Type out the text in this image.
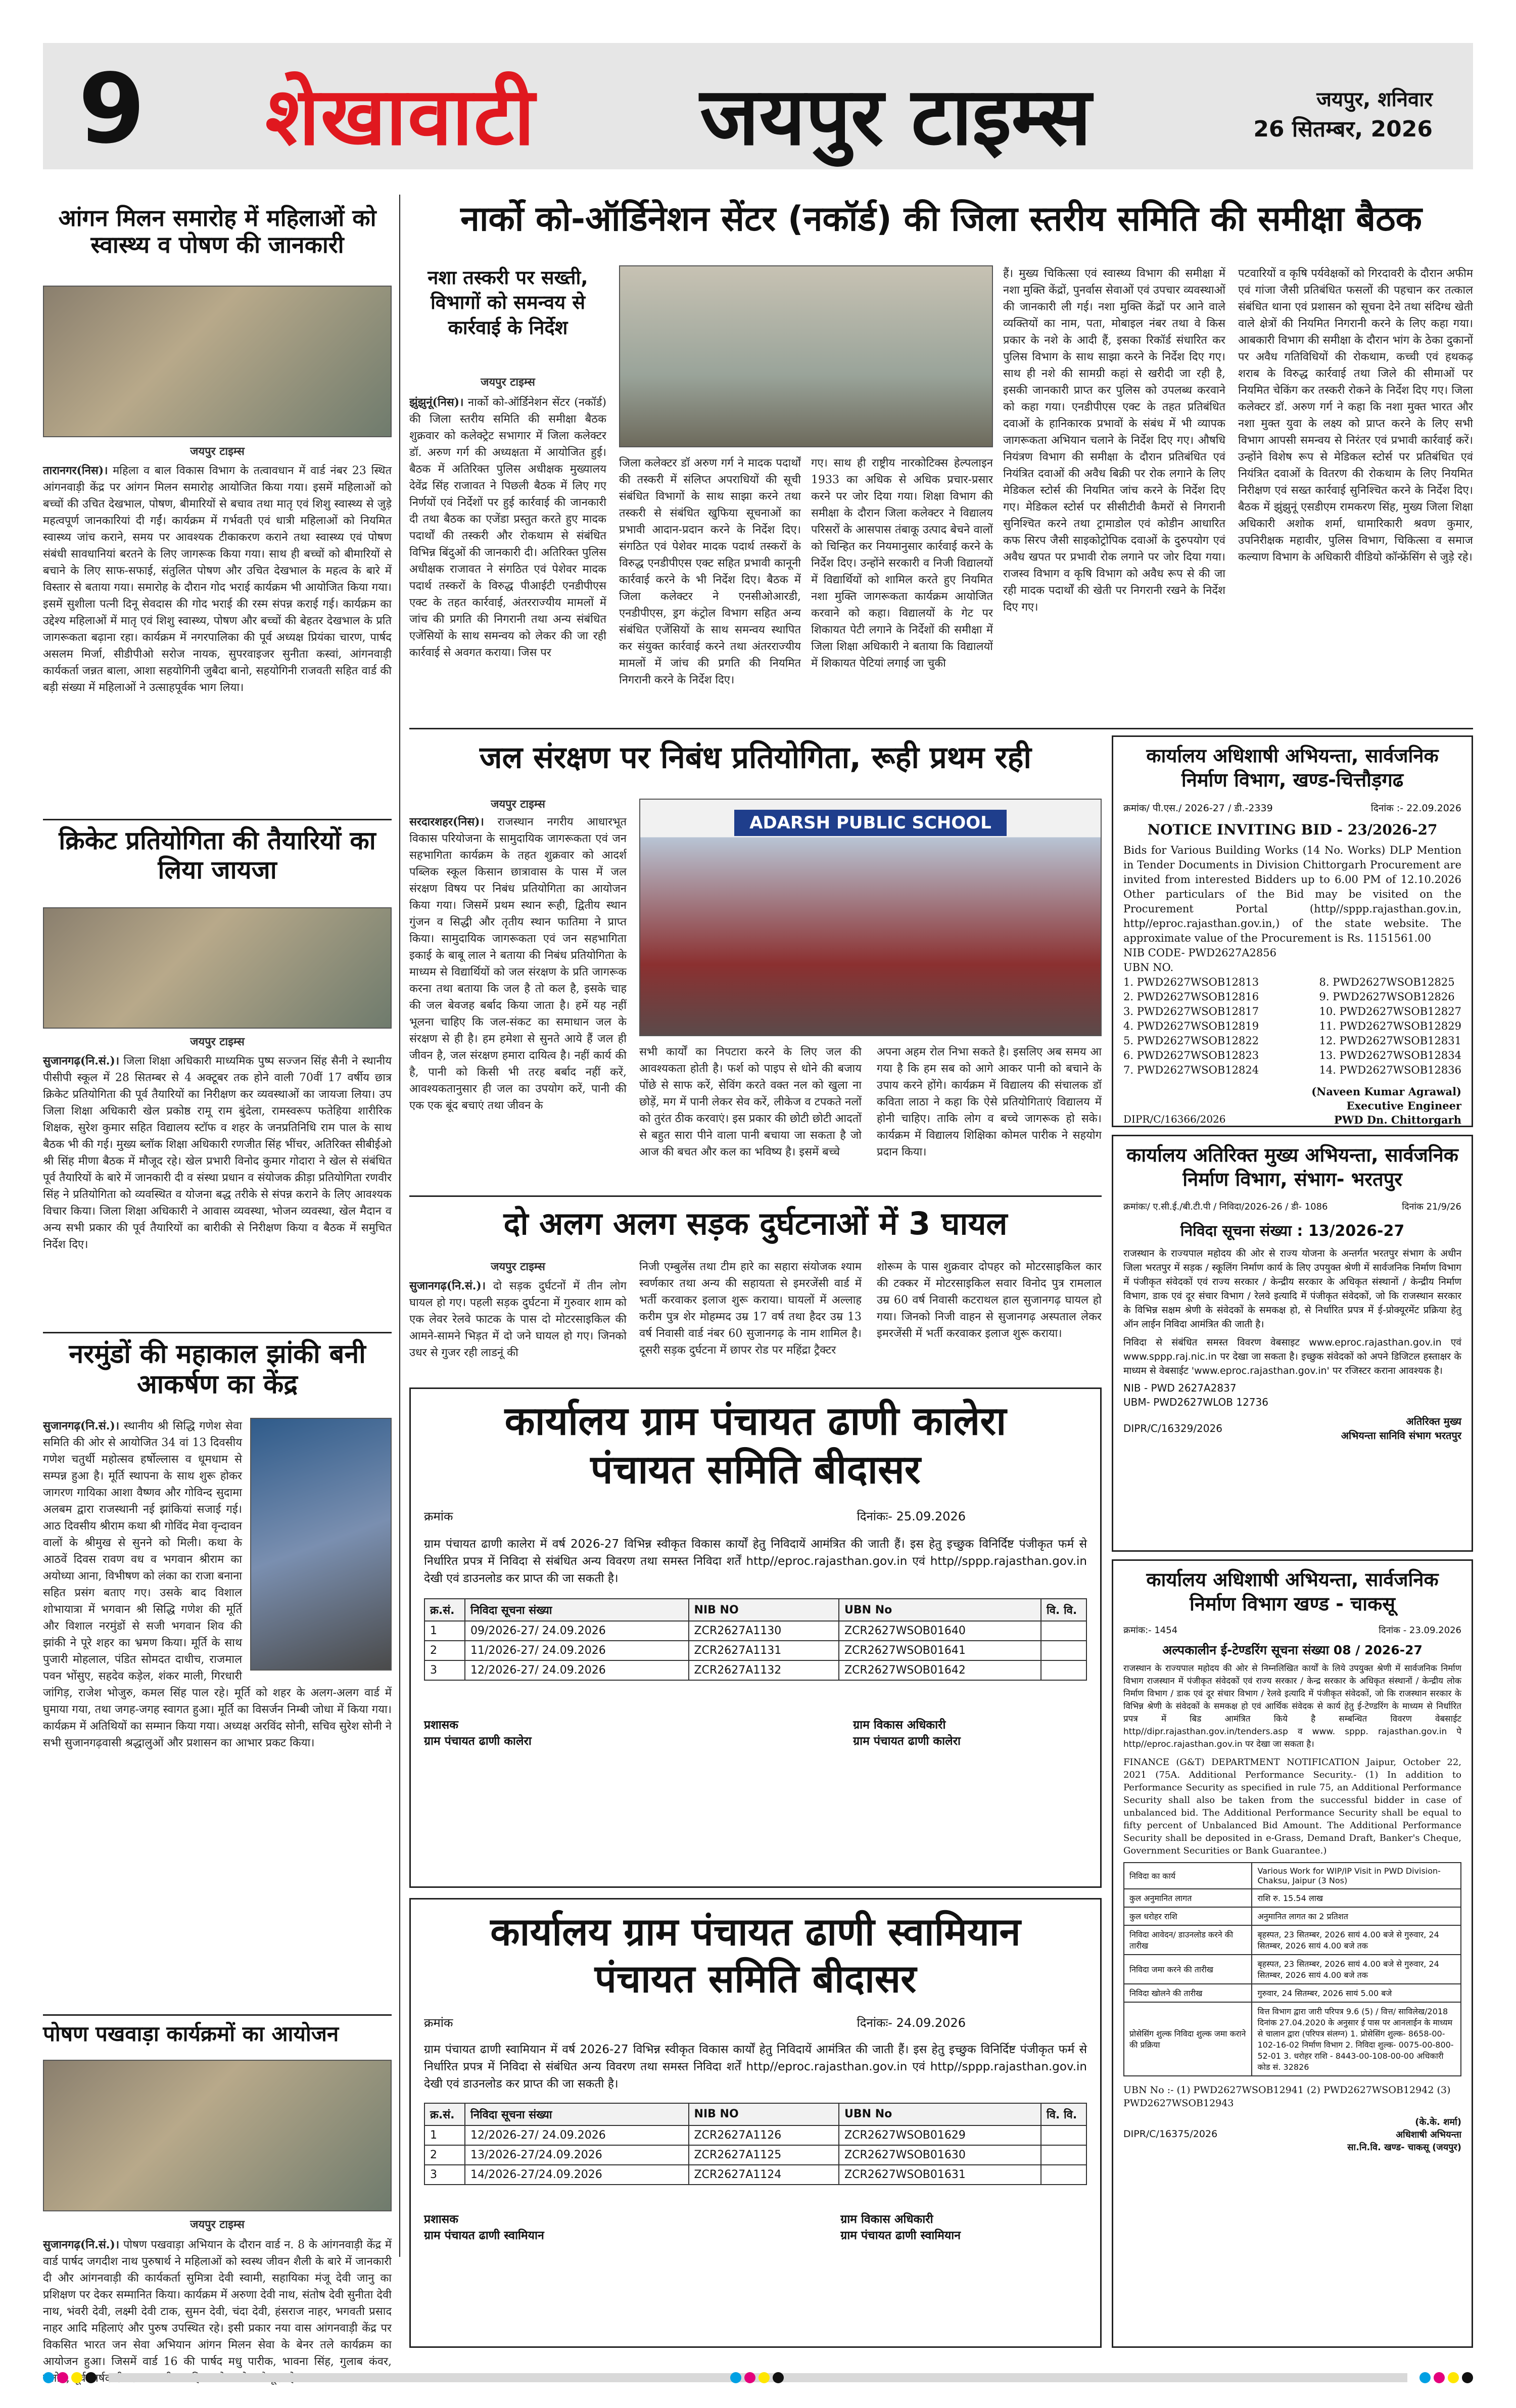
9 शेखावाटी जयपुर टाइम्स	जयपुर, शनिवार
26 सितम्बर, 2026
आंगन मिलन समारोह में महिलाओं को स्वास्थ्य व पोषण की जानकारी
जयपुर टाइम्स
तारानगर(निस)। महिला व बाल विकास विभाग के तत्वावधान में वार्ड नंबर 23 स्थित आंगनवाड़ी केंद्र पर आंगन मिलन समारोह आयोजित किया गया। इसमें महिलाओं को बच्चों की उचित देखभाल, पोषण, बीमारियों से बचाव तथा मातृ एवं शिशु स्वास्थ्य से जुड़े महत्वपूर्ण जानकारियां दी गईं। कार्यक्रम में गर्भवती एवं धात्री महिलाओं को नियमित स्वास्थ्य जांच कराने, समय पर आवश्यक टीकाकरण कराने तथा स्वास्थ्य एवं पोषण संबंधी सावधानियां बरतने के लिए जागरूक किया गया। साथ ही बच्चों को बीमारियों से बचाने के लिए साफ-सफाई, संतुलित पोषण और उचित देखभाल के महत्व के बारे में विस्तार से बताया गया। समारोह के दौरान गोद भराई कार्यक्रम भी आयोजित किया गया। इसमें सुशीला पत्नी दिनू सेवदास की गोद भराई की रस्म संपन्न कराई गई। कार्यक्रम का उद्देश्य महिलाओं में मातृ एवं शिशु स्वास्थ्य, पोषण और बच्चों की बेहतर देखभाल के प्रति जागरूकता बढ़ाना रहा। कार्यक्रम में नगरपालिका की पूर्व अध्यक्ष प्रियंका चारण, पार्षद असलम मिर्जा, सीडीपीओ सरोज नायक, सुपरवाइजर सुनीता कस्वां, आंगनवाड़ी कार्यकर्ता जन्नत बाला, आशा सहयोगिनी जुबैदा बानो, सहयोगिनी राजवती सहित वार्ड की बड़ी संख्या में महिलाओं ने उत्साहपूर्वक भाग लिया।
क्रिकेट प्रतियोगिता की तैयारियों का लिया जायजा
जयपुर टाइम्स
सुजानगढ़(नि.सं.)। जिला शिक्षा अधिकारी माध्यमिक पुष्प सज्जन सिंह सैनी ने स्थानीय पीसीपी स्कूल में 28 सितम्बर से 4 अक्टूबर तक होने वाली 70वीं 17 वर्षीय छात्र क्रिकेट प्रतियोगिता की पूर्व तैयारियों का निरीक्षण कर व्यवस्थाओं का जायजा लिया। उप जिला शिक्षा अधिकारी खेल प्रकोष्ठ रामू राम बुंदेला, रामस्वरूप फतेहिया शारीरिक शिक्षक, सुरेश कुमार सहित विद्यालय स्टॉफ व शहर के जनप्रतिनिधि राम पाल के साथ बैठक भी की गई। मुख्य ब्लॉक शिक्षा अधिकारी रणजीत सिंह भींचर, अतिरिक्त सीबीईओ श्री सिंह मीणा बैठक में मौजूद रहे। खेल प्रभारी विनोद कुमार गोदारा ने खेल से संबंधित पूर्व तैयारियों के बारे में जानकारी दी व संस्था प्रधान व संयोजक क्रीड़ा प्रतियोगिता रणवीर सिंह ने प्रतियोगिता को व्यवस्थित व योजना बद्ध तरीके से संपन्न कराने के लिए आवश्यक विचार किया। जिला शिक्षा अधिकारी ने आवास व्यवस्था, भोजन व्यवस्था, खेल मैदान व अन्य सभी प्रकार की पूर्व तैयारियों का बारीकी से निरीक्षण किया व बैठक में समुचित निर्देश दिए।
नरमुंडों की महाकाल झांकी बनी आकर्षण का केंद्र
सुजानगढ़(नि.सं.)। स्थानीय श्री सिद्धि गणेश सेवा समिति की ओर से आयोजित 34 वां 13 दिवसीय गणेश चतुर्थी महोत्सव हर्षोल्लास व धूमधाम से सम्पन्न हुआ है। मूर्ति स्थापना के साथ शुरू होकर जागरण गायिका आशा वैष्णव और गोविन्द सुदामा अलबम द्वारा राजस्थानी नई झांकियां सजाई गई। आठ दिवसीय श्रीराम कथा श्री गोविंद मेवा वृन्दावन वालों के श्रीमुख से सुनने को मिली। कथा के आठवें दिवस रावण वध व भगवान श्रीराम का अयोध्या आना, विभीषण को लंका का राजा बनाना सहित प्रसंग बताए गए। उसके बाद विशाल शोभायात्रा में भगवान श्री सिद्धि गणेश की मूर्ति और विशाल नरमुंडों से सजी भगवान शिव की झांकी ने पूरे शहर का भ्रमण किया। मूर्ति के साथ पुजारी मोहलाल, पंडित सोमदत दाधीच, राजमाल पवन भोंसुए, सहदेव कड़ेल, शंकर माली, गिरधारी जांगिड़, राजेश भोजुरु, कमल सिंह पाल रहे। मूर्ति को शहर के अलग-अलग वार्ड में घुमाया गया, तथा जगह-जगह स्वागत हुआ। मूर्ति का विसर्जन निम्बी जोधा में किया गया। कार्यक्रम में अतिथियों का सम्मान किया गया। अध्यक्ष अरविंद सोनी, सचिव सुरेश सोनी ने सभी सुजानगढ़वासी श्रद्धालुओं और प्रशासन का आभार प्रकट किया।
पोषण पखवाड़ा कार्यक्रमों का आयोजन
जयपुर टाइम्स
सुजानगढ़(नि.सं.)। पोषण पखवाड़ा अभियान के दौरान वार्ड न. 8 के आंगनवाड़ी केंद्र में वार्ड पार्षद जगदीश नाथ पुरुषार्थ ने महिलाओं को स्वस्थ जीवन शैली के बारे में जानकारी दी और आंगनवाड़ी की कार्यकर्ता सुमित्रा देवी स्वामी, सहायिका मंजू देवी जानु का प्रशिक्षण पर देकर सम्मानित किया। कार्यक्रम में अरुणा देवी नाथ, संतोष देवी सुनीता देवी नाथ, भंवरी देवी, लक्ष्मी देवी टाक, सुमन देवी, चंदा देवी, हंसराज नाहर, भगवती प्रसाद नाहर आदि महिलाएं और पुरुष उपस्थित रहे। इसी प्रकार नया वास आंगनवाड़ी केंद्र पर विकसित भारत जन सेवा अभियान आंगन मिलन सेवा के बेनर तले कार्यक्रम का आयोजन हुआ। जिसमें वार्ड 16 की पार्षद मधु पारीक, भावना सिंह, गुलाब कंवर, संतोष, पार्षद
नार्को को-ऑर्डिनेशन सेंटर (नकॉर्ड) की जिला स्तरीय समिति की समीक्षा बैठक
नशा तस्करी पर सख्ती, विभागों को समन्वय से कार्रवाई के निर्देश
जयपुर टाइम्स
झुंझुनूं(निस)। नार्को को-ऑर्डिनेशन सेंटर (नकॉर्ड) की जिला स्तरीय समिति की समीक्षा बैठक शुक्रवार को कलेक्ट्रेट सभागार में जिला कलेक्टर डॉ. अरुण गर्ग की अध्यक्षता में आयोजित हुई। बैठक में अतिरिक्त पुलिस अधीक्षक मुख्यालय देवेंद्र सिंह राजावत ने पिछली बैठक में लिए गए निर्णयों एवं निर्देशों पर हुई कार्रवाई की जानकारी दी तथा बैठक का एजेंडा प्रस्तुत करते हुए मादक पदार्थों की तस्करी और रोकथाम से संबंधित विभिन्न बिंदुओं की जानकारी दी। अतिरिक्त पुलिस अधीक्षक राजावत ने संगठित एवं पेशेवर मादक पदार्थ तस्करों के विरुद्ध पीआईटी एनडीपीएस एक्ट के तहत कार्रवाई, अंतरराज्यीय मामलों में जांच की प्रगति की निगरानी तथा अन्य संबंधित एजेंसियों के साथ समन्वय को लेकर की जा रही कार्रवाई से अवगत कराया। जिस पर
जिला कलेक्टर डॉ अरुण गर्ग ने मादक पदार्थों की तस्करी में संलिप्त अपराधियों की सूची संबंधित विभागों के साथ साझा करने तथा तस्करी से संबंधित खुफिया सूचनाओं का प्रभावी आदान-प्रदान करने के निर्देश दिए। संगठित एवं पेशेवर मादक पदार्थ तस्करों के विरुद्ध एनडीपीएस एक्ट सहित प्रभावी कानूनी कार्रवाई करने के भी निर्देश दिए। बैठक में जिला कलेक्टर ने एनसीओआरडी, एनडीपीएस, ड्रग कंट्रोल विभाग सहित अन्य संबंधित एजेंसियों के साथ समन्वय स्थापित कर संयुक्त कार्रवाई करने तथा अंतरराज्यीय मामलों में जांच की प्रगति की नियमित निगरानी करने के निर्देश दिए।
गए। साथ ही राष्ट्रीय नारकोटिक्स हेल्पलाइन 1933 का अधिक से अधिक प्रचार-प्रसार करने पर जोर दिया गया। शिक्षा विभाग की समीक्षा के दौरान जिला कलेक्टर ने विद्यालय परिसरों के आसपास तंबाकू उत्पाद बेचने वालों को चिन्हित कर नियमानुसार कार्रवाई करने के निर्देश दिए। उन्होंने सरकारी व निजी विद्यालयों में विद्यार्थियों को शामिल करते हुए नियमित नशा मुक्ति जागरूकता कार्यक्रम आयोजित करवाने को कहा। विद्यालयों के गेट पर शिकायत पेटी लगाने के निर्देशों की समीक्षा में जिला शिक्षा अधिकारी ने बताया कि विद्यालयों में शिकायत पेटियां लगाई जा चुकी
हैं। मुख्य चिकित्सा एवं स्वास्थ्य विभाग की समीक्षा में नशा मुक्ति केंद्रों, पुनर्वास सेवाओं एवं उपचार व्यवस्थाओं की जानकारी ली गई। नशा मुक्ति केंद्रों पर आने वाले व्यक्तियों का नाम, पता, मोबाइल नंबर तथा वे किस प्रकार के नशे के आदी हैं, इसका रिकॉर्ड संधारित कर पुलिस विभाग के साथ साझा करने के निर्देश दिए गए। साथ ही नशे की सामग्री कहां से खरीदी जा रही है, इसकी जानकारी प्राप्त कर पुलिस को उपलब्ध करवाने को कहा गया। एनडीपीएस एक्ट के तहत प्रतिबंधित दवाओं के हानिकारक प्रभावों के संबंध में भी व्यापक जागरूकता अभियान चलाने के निर्देश दिए गए। औषधि नियंत्रण विभाग की समीक्षा के दौरान प्रतिबंधित एवं नियंत्रित दवाओं की अवैध बिक्री पर रोक लगाने के लिए मेडिकल स्टोर्स की नियमित जांच करने के निर्देश दिए गए। मेडिकल स्टोर्स पर सीसीटीवी कैमरों से निगरानी सुनिश्चित करने तथा ट्रामाडोल एवं कोडीन आधारित कफ सिरप जैसी साइकोट्रोपिक दवाओं के दुरुपयोग एवं अवैध खपत पर प्रभावी रोक लगाने पर जोर दिया गया। राजस्व विभाग व कृषि विभाग को अवैध रूप से की जा रही मादक पदार्थों की खेती पर निगरानी रखने के निर्देश दिए गए।
पटवारियों व कृषि पर्यवेक्षकों को गिरदावरी के दौरान अफीम एवं गांजा जैसी प्रतिबंधित फसलों की पहचान कर तत्काल संबंधित थाना एवं प्रशासन को सूचना देने तथा संदिग्ध खेती वाले क्षेत्रों की नियमित निगरानी करने के लिए कहा गया। आबकारी विभाग की समीक्षा के दौरान भांग के ठेका दुकानों पर अवैध गतिविधियों की रोकथाम, कच्ची एवं हथकढ़ शराब के विरुद्ध कार्रवाई तथा जिले की सीमाओं पर नियमित चेकिंग कर तस्करी रोकने के निर्देश दिए गए। जिला कलेक्टर डॉ. अरुण गर्ग ने कहा कि नशा मुक्त भारत और नशा मुक्त युवा के लक्ष्य को प्राप्त करने के लिए सभी विभाग आपसी समन्वय से निरंतर एवं प्रभावी कार्रवाई करें। उन्होंने विशेष रूप से मेडिकल स्टोर्स पर प्रतिबंधित एवं नियंत्रित दवाओं के वितरण की रोकथाम के लिए नियमित निरीक्षण एवं सख्त कार्रवाई सुनिश्चित करने के निर्देश दिए। बैठक में झुंझुनूं एसडीएम रामकरण सिंह, मुख्य जिला शिक्षा अधिकारी अशोक शर्मा, धामारिकारी श्रवण कुमार, उपनिरीक्षक महावीर, पुलिस विभाग, चिकित्सा व समाज कल्याण विभाग के अधिकारी वीडियो कॉन्फ्रेंसिंग से जुड़े रहे।
जल संरक्षण पर निबंध प्रतियोगिता, रूही प्रथम रही
जयपुर टाइम्स
सरदारशहर(निस)। राजस्थान नगरीय आधारभूत विकास परियोजना के सामुदायिक जागरूकता एवं जन सहभागिता कार्यक्रम के तहत शुक्रवार को आदर्श पब्लिक स्कूल किसान छात्रावास के पास में जल संरक्षण विषय पर निबंध प्रतियोगिता का आयोजन किया गया। जिसमें प्रथम स्थान रूही, द्वितीय स्थान गुंजन व सिद्धी और तृतीय स्थान फातिमा ने प्राप्त किया। सामुदायिक जागरूकता एवं जन सहभागिता इकाई के बाबू लाल ने बताया की निबंध प्रतियोगिता के माध्यम से विद्यार्थियों को जल संरक्षण के प्रति जागरूक करना तथा बताया कि जल है तो कल है, इसके चाह की जल बेवजह बर्बाद किया जाता है। हमें यह नहीं भूलना चाहिए कि जल-संकट का समाधान जल के संरक्षण से ही है। हम हमेशा से सुनते आये हैं जल ही जीवन है, जल संरक्षण हमारा दायित्व है। नहीं कार्य की है, पानी को किसी भी तरह बर्बाद नहीं करें, आवश्यकतानुसार ही जल का उपयोग करें, पानी की एक एक बूंद बचाएं तथा जीवन के
ADARSH PUBLIC SCHOOL
सभी कार्यों का निपटारा करने के लिए जल की आवश्यकता होती है। फर्श को पाइप से धोने की बजाय पोंछे से साफ करें, सेविंग करते वक्त नल को खुला ना छोड़ें, मग में पानी लेकर सेव करें, लीकेज व टपकते नलों को तुरंत ठीक करवाएं। इस प्रकार की छोटी छोटी आदतों से बहुत सारा पीने वाला पानी बचाया जा सकता है जो आज की बचत और कल का भविष्य है। इसमें बच्चे
अपना अहम रोल निभा सकते है। इसलिए अब समय आ गया है कि हम सब को आगे आकर पानी को बचाने के उपाय करने होंगे। कार्यक्रम में विद्यालय की संचालक डॉ कविता लाठा ने कहा कि ऐसे प्रतियोगिताएं विद्यालय में होनी चाहिए। ताकि लोग व बच्चे जागरूक हो सके। कार्यक्रम में विद्यालय शिक्षिका कोमल पारीक ने सहयोग प्रदान किया।
दो अलग अलग सड़क दुर्घटनाओं में 3 घायल
जयपुर टाइम्स
सुजानगढ़(नि.सं.)। दो सड़क दुर्घटनों में तीन लोग घायल हो गए। पहली सड़क दुर्घटना में गुरुवार शाम को एक लेवर रेलवे फाटक के पास दो मोटरसाइकिल की आमने-सामने भिड़त में दो जने घायल हो गए। जिनको उधर से गुजर रही लाडनूं की
निजी एम्बुलेंस तथा टीम हारे का सहारा संयोजक श्याम स्वर्णकार तथा अन्य की सहायता से इमरजेंसी वार्ड में भर्ती करवाकर इलाज शुरू कराया। घायलों में अल्लाह करीम पुत्र शेर मोहम्मद उम्र 17 वर्ष तथा हैदर उम्र 13 वर्ष निवासी वार्ड नंबर 60 सुजानगढ़ के नाम शामिल है। दूसरी सड़क दुर्घटना में छापर रोड पर महिंद्रा ट्रैक्टर
शोरूम के पास शुक्रवार दोपहर को मोटरसाइकिल कार की टक्कर में मोटरसाइकिल सवार विनोद पुत्र रामलाल उम्र 60 वर्ष निवासी कटराथल हाल सुजानगढ़ घायल हो गया। जिनको निजी वाहन से सुजानगढ़ अस्पताल लेकर इमरजेंसी में भर्ती करवाकर इलाज शुरू कराया।
कार्यालय ग्राम पंचायत ढाणी कालेरा
पंचायत समिति बीदासर
क्रमांक	दिनांकः- 25.09.2026
ग्राम पंचायत ढाणी कालेरा में वर्ष 2026-27 विभिन्न स्वीकृत विकास कार्यों हेतु निविदायें आमंत्रित की जाती हैं। इस हेतु इच्छुक विनिर्दिष्ट पंजीकृत फर्म से निर्धारित प्रपत्र में निविदा से संबंधित अन्य विवरण तथा समस्त निविदा शर्तें http//eproc.rajasthan.gov.in एवं http//sppp.rajasthan.gov.in देखी एवं डाउनलोड कर प्राप्त की जा सकती है।
क्र.सं.	निविदा सूचना संख्या	NIB NO	UBN No	वि. वि.
1	09/2026-27/ 24.09.2026	ZCR2627A1130	ZCR2627WSOB01640	
2	11/2026-27/ 24.09.2026	ZCR2627A1131	ZCR2627WSOB01641	
3	12/2026-27/ 24.09.2026	ZCR2627A1132	ZCR2627WSOB01642	
प्रशासक
ग्राम पंचायत ढाणी कालेरा
ग्राम विकास अधिकारी
ग्राम पंचायत ढाणी कालेरा
कार्यालय ग्राम पंचायत ढाणी स्वामियान
पंचायत समिति बीदासर
क्रमांक	दिनांकः- 24.09.2026
ग्राम पंचायत ढाणी स्वामियान में वर्ष 2026-27 विभिन्न स्वीकृत विकास कार्यों हेतु निविदायें आमंत्रित की जाती हैं। इस हेतु इच्छुक विनिर्दिष्ट पंजीकृत फर्म से निर्धारित प्रपत्र में निविदा से संबंधित अन्य विवरण तथा समस्त निविदा शर्तें http//eproc.rajasthan.gov.in एवं http//sppp.rajasthan.gov.in देखी एवं डाउनलोड कर प्राप्त की जा सकती है।
क्र.सं.	निविदा सूचना संख्या	NIB NO	UBN No	वि. वि.
1	12/2026-27/ 24.09.2026	ZCR2627A1126	ZCR2627WSOB01629	
2	13/2026-27/24.09.2026	ZCR2627A1125	ZCR2627WSOB01630	
3	14/2026-27/24.09.2026	ZCR2627A1124	ZCR2627WSOB01631	
प्रशासक
ग्राम पंचायत ढाणी स्वामियान
ग्राम विकास अधिकारी
ग्राम पंचायत ढाणी स्वामियान
कार्यालय अधिशाषी अभियन्ता, सार्वजनिक निर्माण विभाग, खण्ड-चित्तौड़गढ
क्रमांक/ पी.एस./ 2026-27 / डी.-2339	दिनांक :- 22.09.2026
NOTICE INVITING BID - 23/2026-27
Bids for Various Building Works (14 No. Works) DLP Mention in Tender Documents in Division Chittorgarh Procurement are invited from interested Bidders up to 6.00 PM of 12.10.2026 Other particulars of the Bid may be visited on the Procurement Portal (http//sppp.rajasthan.gov.in, http//eproc.rajasthan.gov.in,) of the state website. The approximate value of the Procurement is Rs. 1151561.00
NIB CODE- PWD2627A2856
UBN NO.
1. PWD2627WSOB12813
2. PWD2627WSOB12816
3. PWD2627WSOB12817
4. PWD2627WSOB12819
5. PWD2627WSOB12822
6. PWD2627WSOB12823
7. PWD2627WSOB12824
8. PWD2627WSOB12825
9. PWD2627WSOB12826
10. PWD2627WSOB12827
11. PWD2627WSOB12829
12. PWD2627WSOB12831
13. PWD2627WSOB12834
14. PWD2627WSOB12836
(Naveen Kumar Agrawal)
Executive Engineer
PWD Dn. Chittorgarh
DIPR/C/16366/2026
कार्यालय अतिरिक्त मुख्य अभियन्ता, सार्वजनिक निर्माण विभाग, संभाग- भरतपुर
क्रमांकः/ ए.सी.ई./बी.टी.पी / निविदा/2026-26 / डी- 1086	दिनांक 21/9/26
निविदा सूचना संख्या : 13/2026-27
राजस्थान के राज्यपाल महोदय की ओर से राज्य योजना के अन्तर्गत भरतपुर संभाग के अधीन जिला भरतपुर में सड़क / स्कूलिंग निर्माण कार्य के लिए उपयुक्त श्रेणी में सार्वजनिक निर्माण विभाग में पंजीकृत संवेदकों एवं राज्य सरकार / केन्द्रीय सरकार के अधिकृत संस्थानों / केन्द्रीय निर्माण विभाग, डाक एवं दूर संचार विभाग / रेलवे इत्यादि में पंजीकृत संवेदकों, जो कि राजस्थान सरकार के विभिन्न सक्षम श्रेणी के संवेदकों के समकक्ष हो, से निर्धारित प्रपत्र में ई-प्रोक्यूरमेंट प्रक्रिया हेतु ऑन लाईन निविदा आमंत्रित की जाती है।
निविदा से संबंधित समस्त विवरण वेबसाइट www.eproc.rajasthan.gov.in एवं www.sppp.raj.nic.in पर देखा जा सकता है। इच्छुक संवेदकों को अपने डिजिटल हस्ताक्षर के माध्यम से वेबसाईट 'www.eproc.rajasthan.gov.in' पर रजिस्टर कराना आवश्यक है।
NIB - PWD 2627A2837
UBM- PWD2627WLOB 12736
अतिरिक्त मुख्य
अभियन्ता सानिवि संभाग भरतपुर
DIPR/C/16329/2026
कार्यालय अधिशाषी अभियन्ता, सार्वजनिक निर्माण विभाग खण्ड - चाकसू
क्रमांक:- 1454	दिनांक - 23.09.2026
अल्पकालीन ई-टेण्डरिंग सूचना संख्या 08 / 2026-27
राजस्थान के राज्यपाल महोदय की ओर से निम्नलिखित कार्यों के लिये उपयुक्त श्रेणी में सार्वजनिक निर्माण विभाग राजस्थान में पंजीकृत संवेदकों एवं राज्य सरकार / केन्द्र सरकार के अधिकृत संस्थानों / केन्द्रीय लोक निर्माण विभाग / डाक एवं दूर संचार विभाग / रेलवे इत्यादि में पंजीकृत संवेदकों, जो कि राजस्थान सरकार के विभिन्न श्रेणी के संवेदकों के समकक्ष हो एवं आर्थिक संवेदक से कार्य हेतु ई-टेण्डरिंग के माध्यम से निर्धारित प्रपत्र में बिड आमंत्रित किये है सम्बन्धित विवरण वेबसाईट http//dipr.rajasthan.gov.in/tenders.asp व www. sppp. rajasthan.gov.in पे http//eproc.rajasthan.gov.in पर देखा जा सकता है।
FINANCE (G&T) DEPARTMENT NOTIFICATION Jaipur, October 22, 2021 (75A. Additional Performance Security.- (1) In addition to Performance Security as specified in rule 75, an Additional Performance Security shall also be taken from the successful bidder in case of unbalanced bid. The Additional Performance Security shall be equal to fifty percent of Unbalanced Bid Amount. The Additional Performance Security shall be deposited in e-Grass, Demand Draft, Banker's Cheque, Government Securities or Bank Guarantee.)
निविदा का कार्य	Various Work for WIP/IP Visit in PWD Division-Chaksu, Jaipur (3 Nos)
कुल अनुमानित लागत	राशि रु. 15.54 लाख
कुल धरोहर राशि	अनुमानित लागत का 2 प्रतिशत
निविदा आवेदन/ डाउनलोड करने की तारीख	बृहस्पत, 23 सितम्बर, 2026 सायं 4.00 बजे से गुरुवार, 24 सितम्बर, 2026 सायं 4.00 बजे तक
निविदा जमा करने की तारीख	बृहस्पत, 23 सितम्बर, 2026 सायं 4.00 बजे से गुरुवार, 24 सितम्बर, 2026 सायं 4.00 बजे तक
निविदा खोलने की तारीख	गुरुवार, 24 सितम्बर, 2026 सायं 5.00 बजे
प्रोसेसिंग शुल्क निविदा शुल्क जमा कराने की प्रक्रिया	वित्त विभाग द्वारा जारी परिपत्र 9.6 (5) / वित्त/ साविलेख/2018 दिनांक 27.04.2020 के अनुसार ई पास पर आनलाईन के माध्यम से चालान द्वारा (परिपत्र संलग्न) 1. प्रोसेसिंग शुल्क- 8658-00-102-16-02 निर्माण विभाग 2. निविदा शुल्क- 0075-00-800-52-01 3. धरोहर राशि - 8443-00-108-00-00 अधिकारी कोड सं. 32826
UBN No :- (1) PWD2627WSOB12941 (2) PWD2627WSOB12942 (3) PWD2627WSOB12943
(के.के. शर्मा)
अधिशाषी अभियन्ता
सा.नि.वि. खण्ड- चाकसू (जयपुर)
DIPR/C/16375/2026
